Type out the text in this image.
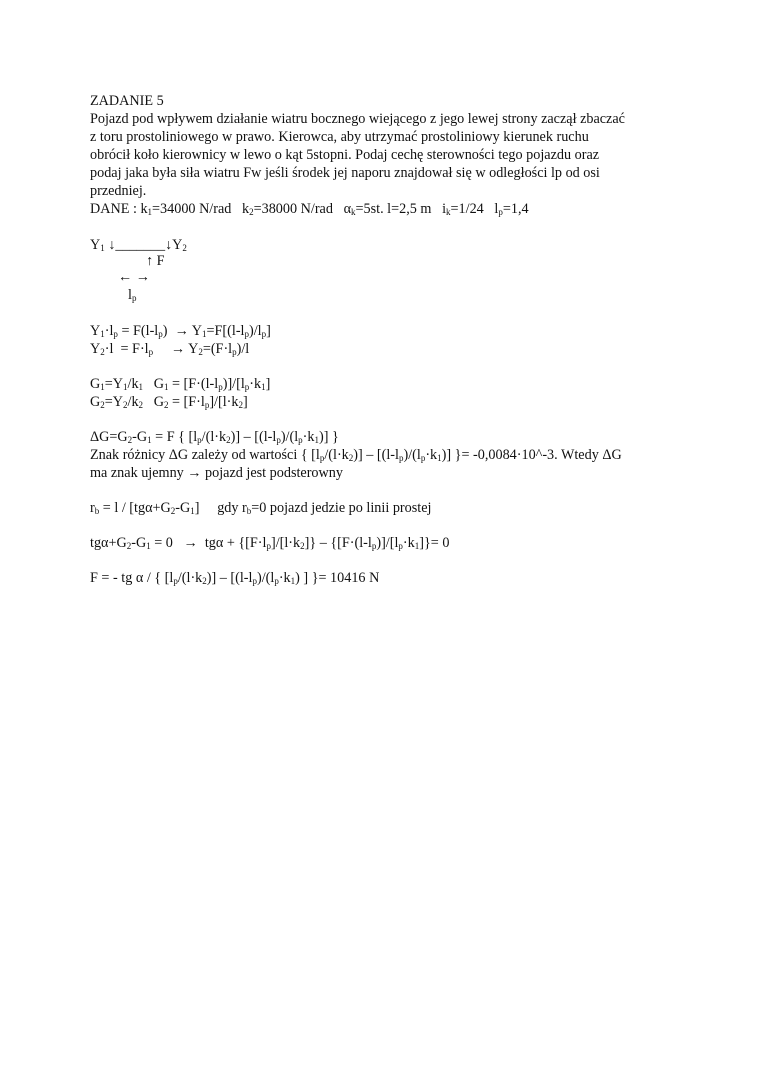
ZADANIE 5

Pojazd pod wpływem działanie wiatru bocznego wiejącego z jego lewej strony zaczął zbaczać

z toru prostoliniowego w prawo. Kierowca, aby utrzymać prostoliniowy kierunek ruchu

obrócił koło kierownicy w lewo o kąt 5stopni. Podaj cechę sterowności tego pojazdu oraz

podaj jaka była siła wiatru Fw jeśli środek jej naporu znajdował się w odległości lp od osi

przedniej.

DANE : $k_1=34000$ N/rad $k_2=38000$ N/rad $\alpha_k=5st$. l=2,5 m $i_k=1/24$ $l_p=1,4$

$Y_1$ $↓\_\_\_\_\_\_\_↓Y_2$

↑ F

← →

$l_p$

$Y_1\cdot l_p = F(l-l_p) \to Y_1=F[(l-l_p)/l_p]$

$Y_2\cdot l = F\cdot l_p$     → $Y_2=(F\cdot l_p)/l$

$G_1=Y_1/k_1$   $G_1 = [F\cdot(l-l_p)]/[l_p\cdot k_1]$

$G_2=Y_2/k_2$   $G_2 = [F\cdot l_p]/[l\cdot k_2]$

$\Delta G=G_2-G_1 = F$ { $[l_p/(l\cdot k_2)] - [(l-l_p)/(l_p\cdot k_1)]$ }

Znak różnicy ΔG zależy od wartości { $[l_p/(l\cdot k_2)] - [(l-l_p)/(l_p\cdot k_1)]$ }= -0,0084·10^-3. Wtedy ΔG

ma znak ujemny → pojazd jest podsterowny

$r_b = l / [tg\alpha+G_2-G_1]$     gdy $r_b=0$ pojazd jedzie po linii prostej

$tg\alpha+G_2-G_1 = 0 \to tg\alpha + \{[F\cdot l_p]/[l\cdot k_2]\} - \{[F\cdot(l-l_p)]/[l_p\cdot k_1]\}= 0$

F = - tg α / { $[l_p/(l\cdot k_2)] - [(l-l_p)/(l_p\cdot k_1)$ ] }= 10416 N
